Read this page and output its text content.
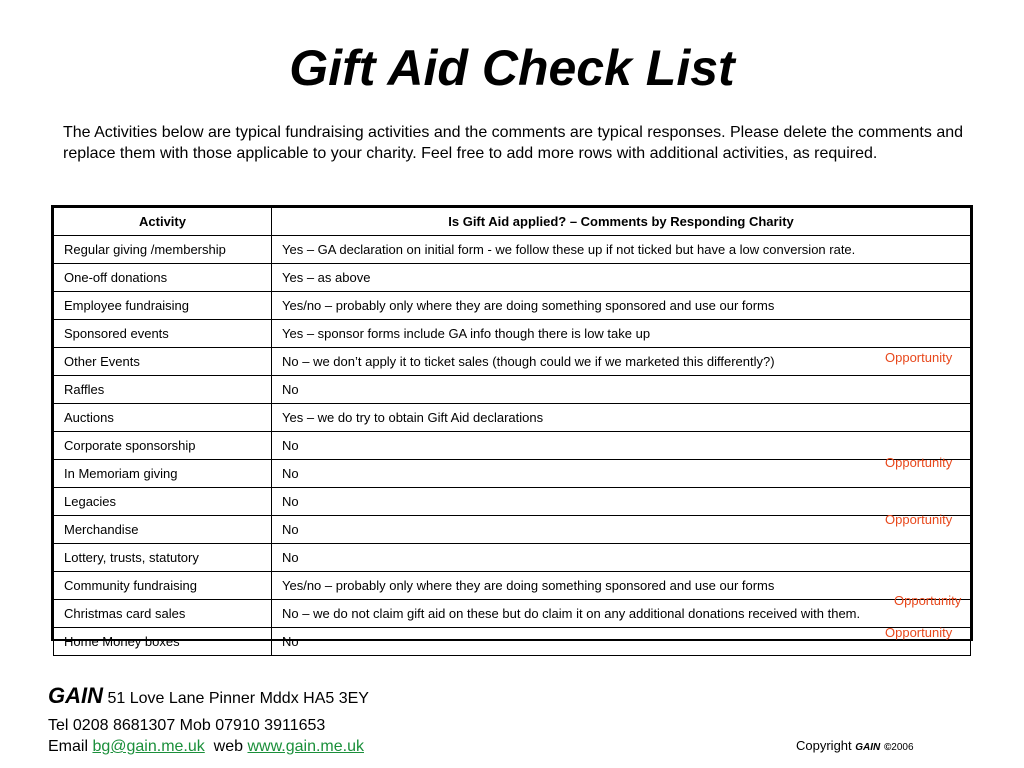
Gift Aid Check List

The Activities below are typical fundraising activities and the comments are typical responses. Please delete the comments and replace them with those applicable to your charity. Feel free to add more rows with additional activities, as required.

Activity	Is Gift Aid applied? – Comments by Responding Charity
Regular giving /membership	Yes – GA declaration on initial form - we follow these up if not ticked but have a low conversion rate.
One-off donations	Yes – as above
Employee fundraising	Yes/no – probably only where they are doing something sponsored and use our forms
Sponsored events	Yes – sponsor forms include GA info though there is low take up
Other Events	No – we don’t apply it to ticket sales (though could we if we marketed this differently?)
Raffles	No
Auctions	Yes – we do try to obtain Gift Aid declarations
Corporate sponsorship	No
In Memoriam giving	No
Legacies	No
Merchandise	No
Lottery, trusts, statutory	No
Community fundraising	Yes/no – probably only where they are doing something sponsored and use our forms
Christmas card sales	No – we do not claim gift aid on these but do claim it on any additional donations received with them.
Home Money boxes	No
Opportunity
Opportunity
Opportunity
Opportunity
Opportunity
GAIN 51 Love Lane Pinner Mddx HA5 3EY
Tel 0208 8681307 Mob 07910 3911653
Email bg@gain.me.uk web www.gain.me.uk	Copyright GAIN ©2006
